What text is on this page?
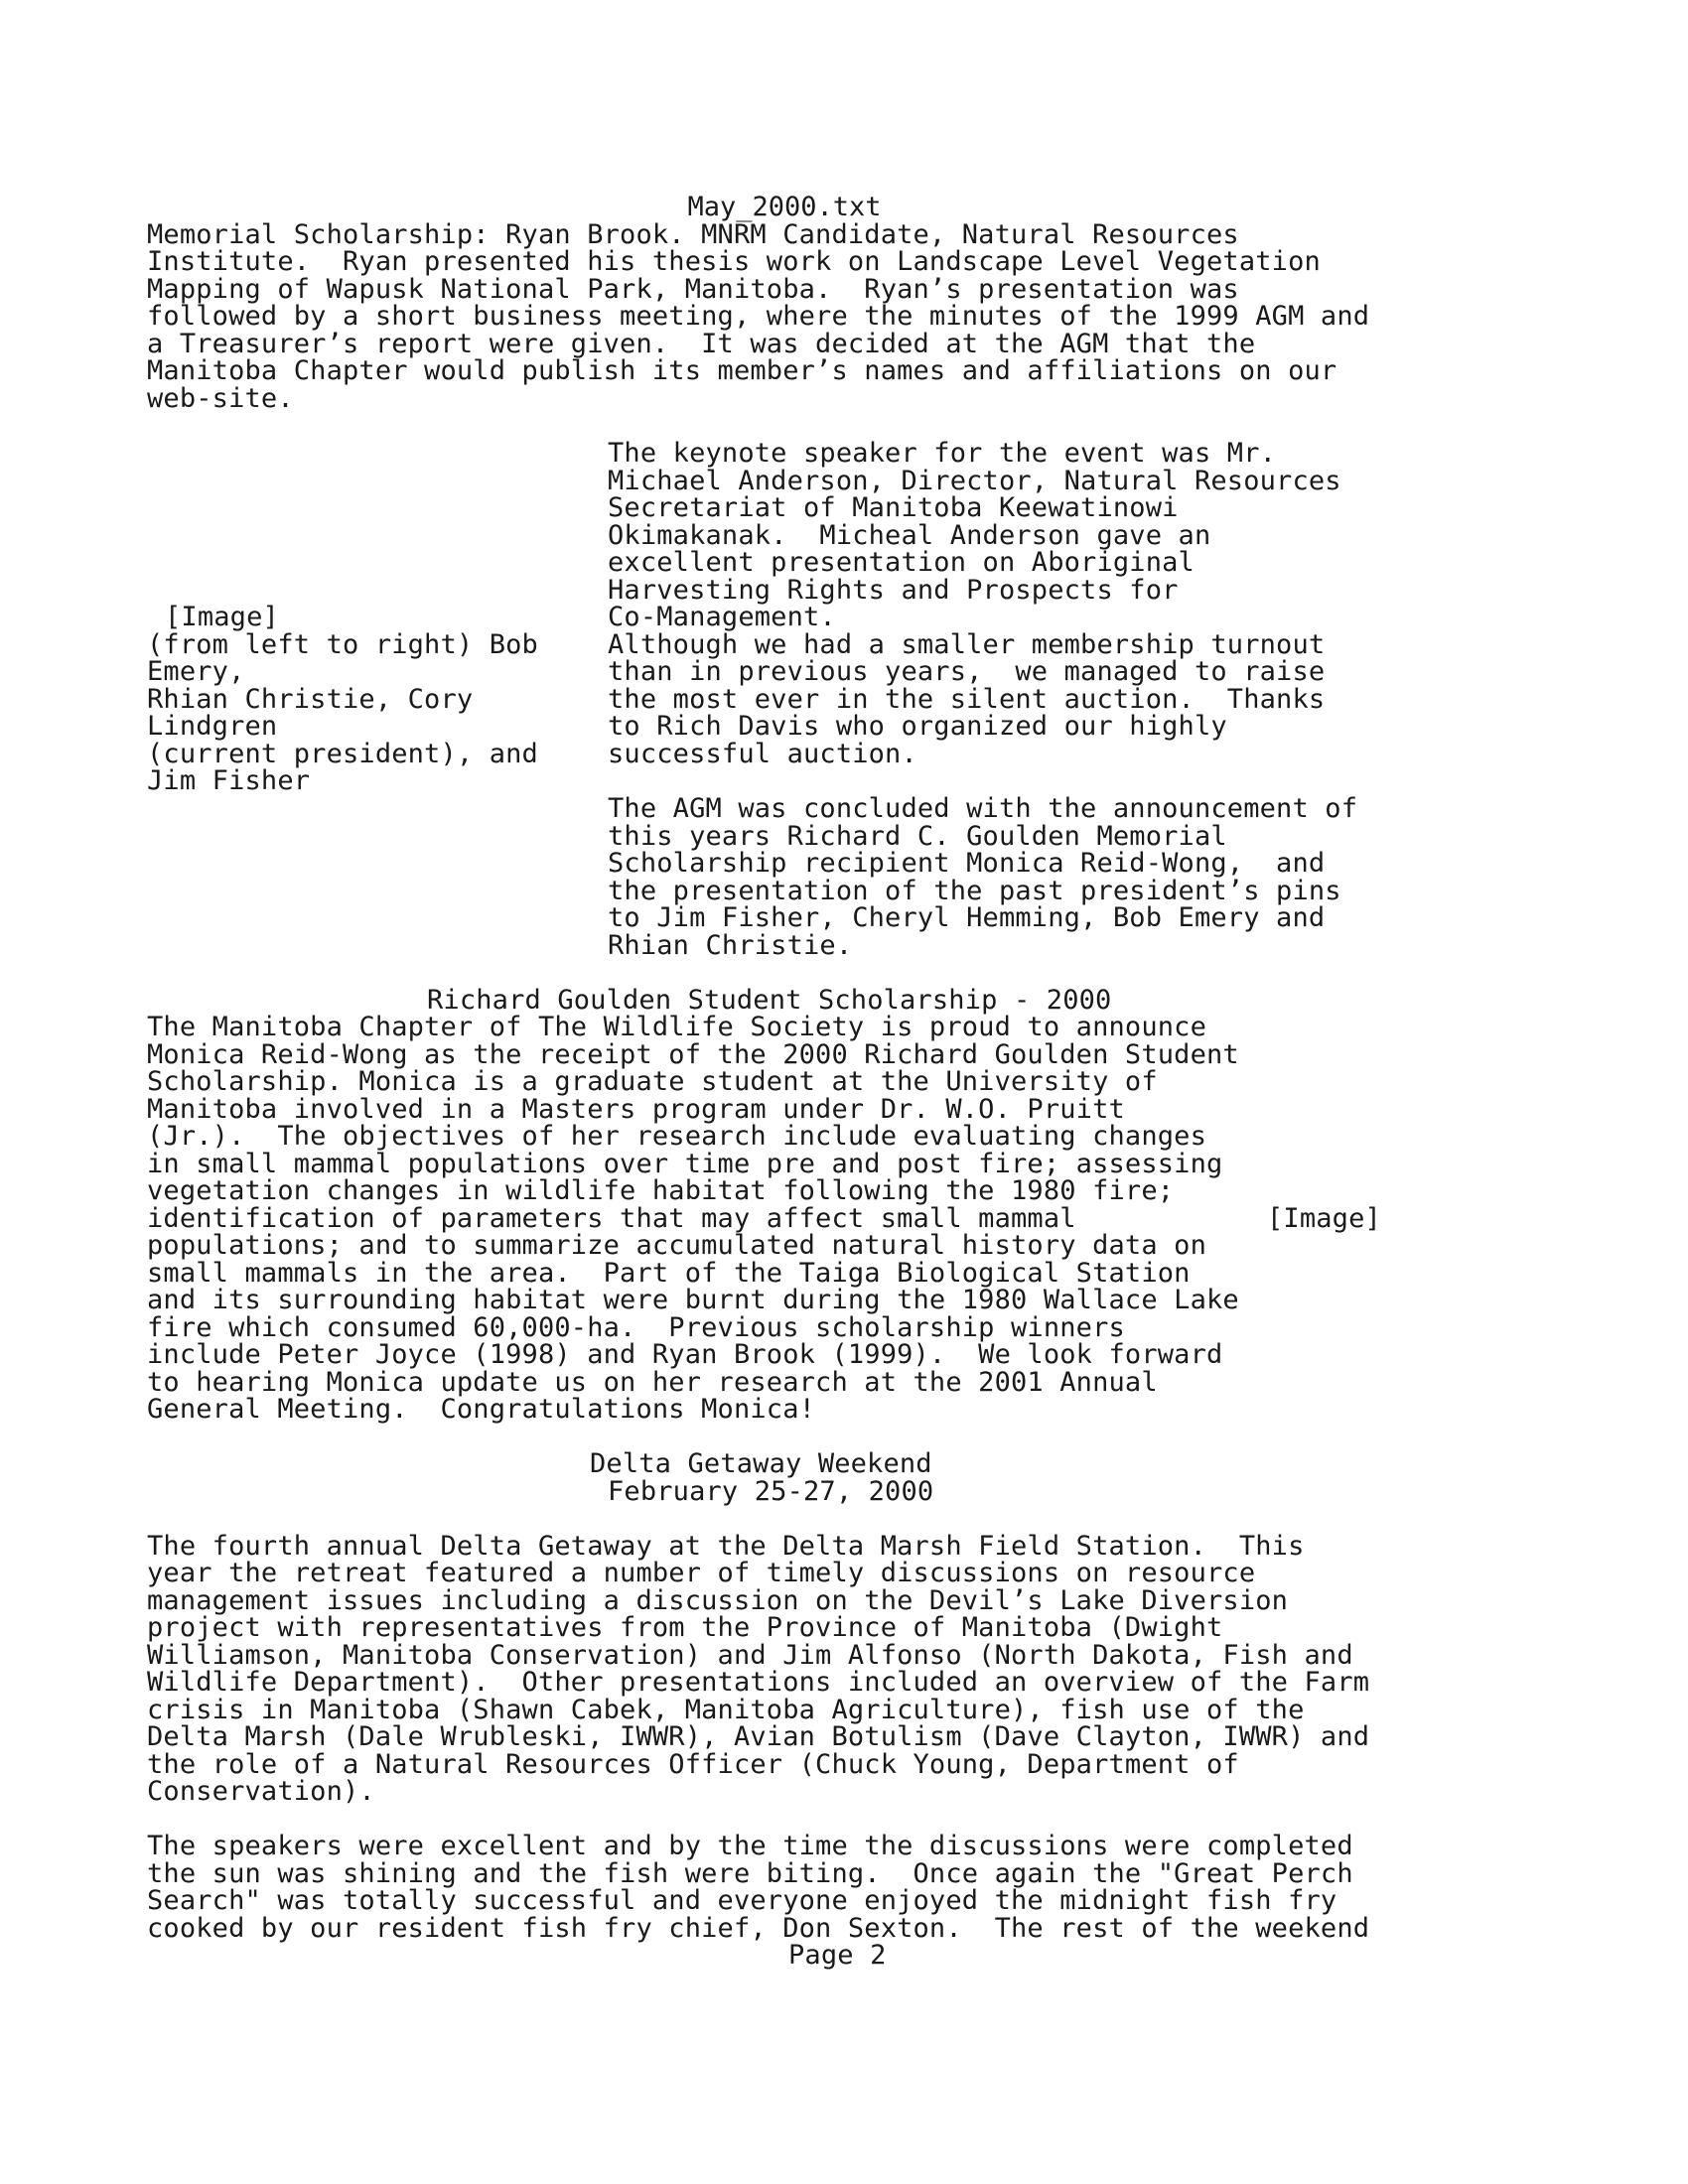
May_2000.txt
Memorial Scholarship: Ryan Brook. MNRM Candidate, Natural Resources
Institute.  Ryan presented his thesis work on Landscape Level Vegetation
Mapping of Wapusk National Park, Manitoba.  Ryan’s presentation was
followed by a short business meeting, where the minutes of the 1999 AGM and
a Treasurer’s report were given.  It was decided at the AGM that the
Manitoba Chapter would publish its member’s names and affiliations on our
web-site.
[Image]
(from left to right) Bob
Emery,
Rhian Christie, Cory
Lindgren
(current president), and
Jim Fisher
The keynote speaker for the event was Mr.
Michael Anderson, Director, Natural Resources
Secretariat of Manitoba Keewatinowi
Okimakanak.  Micheal Anderson gave an
excellent presentation on Aboriginal
Harvesting Rights and Prospects for
Co-Management.
Although we had a smaller membership turnout
than in previous years,  we managed to raise
the most ever in the silent auction.  Thanks
to Rich Davis who organized our highly
successful auction.
The AGM was concluded with the announcement of
this years Richard C. Goulden Memorial
Scholarship recipient Monica Reid-Wong,  and
the presentation of the past president’s pins
to Jim Fisher, Cheryl Hemming, Bob Emery and
Rhian Christie.
Richard Goulden Student Scholarship - 2000
The Manitoba Chapter of The Wildlife Society is proud to announce
Monica Reid-Wong as the receipt of the 2000 Richard Goulden Student
Scholarship. Monica is a graduate student at the University of
Manitoba involved in a Masters program under Dr. W.O. Pruitt
(Jr.).  The objectives of her research include evaluating changes
in small mammal populations over time pre and post fire; assessing
vegetation changes in wildlife habitat following the 1980 fire;
identification of parameters that may affect small mammal
populations; and to summarize accumulated natural history data on
small mammals in the area.  Part of the Taiga Biological Station
and its surrounding habitat were burnt during the 1980 Wallace Lake
fire which consumed 60,000-ha.  Previous scholarship winners
include Peter Joyce (1998) and Ryan Brook (1999).  We look forward
to hearing Monica update us on her research at the 2001 Annual
General Meeting.  Congratulations Monica!
[Image]
Delta Getaway Weekend
February 25-27, 2000
The fourth annual Delta Getaway at the Delta Marsh Field Station.  This
year the retreat featured a number of timely discussions on resource
management issues including a discussion on the Devil’s Lake Diversion
project with representatives from the Province of Manitoba (Dwight
Williamson, Manitoba Conservation) and Jim Alfonso (North Dakota, Fish and
Wildlife Department).  Other presentations included an overview of the Farm
crisis in Manitoba (Shawn Cabek, Manitoba Agriculture), fish use of the
Delta Marsh (Dale Wrubleski, IWWR), Avian Botulism (Dave Clayton, IWWR) and
the role of a Natural Resources Officer (Chuck Young, Department of
Conservation).
The speakers were excellent and by the time the discussions were completed
the sun was shining and the fish were biting.  Once again the "Great Perch
Search" was totally successful and everyone enjoyed the midnight fish fry
cooked by our resident fish fry chief, Don Sexton.  The rest of the weekend
Page 2
